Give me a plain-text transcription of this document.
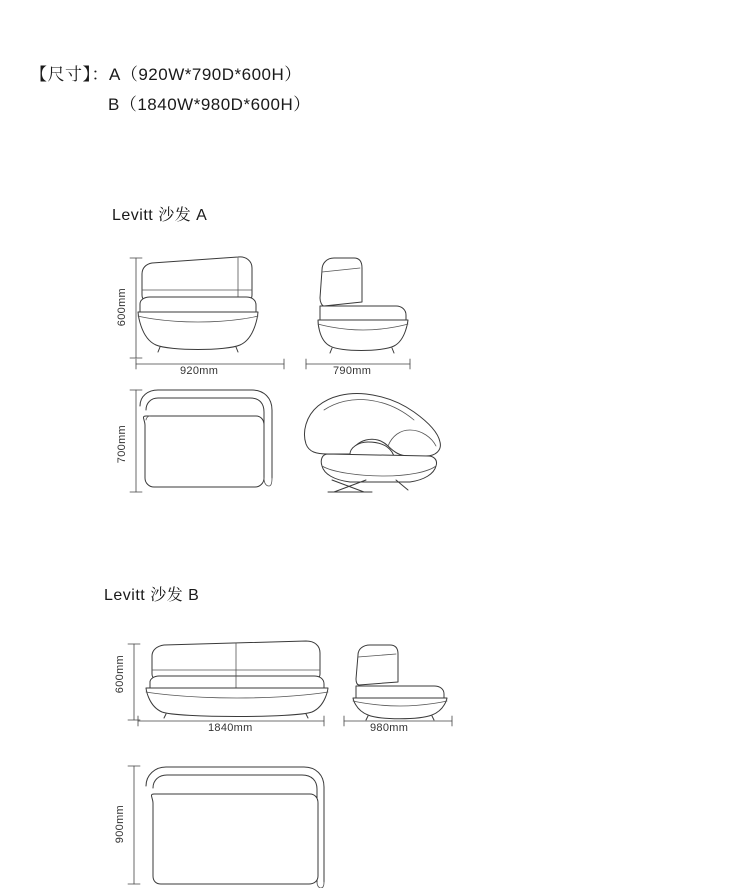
【尺寸】：A（920W*790D*600H）
B（1840W*980D*600H）
Levitt 沙发 A
600mm
920mm	790mm
700mm
Levitt 沙发 B
600mm
1840mm	980mm
900mm
